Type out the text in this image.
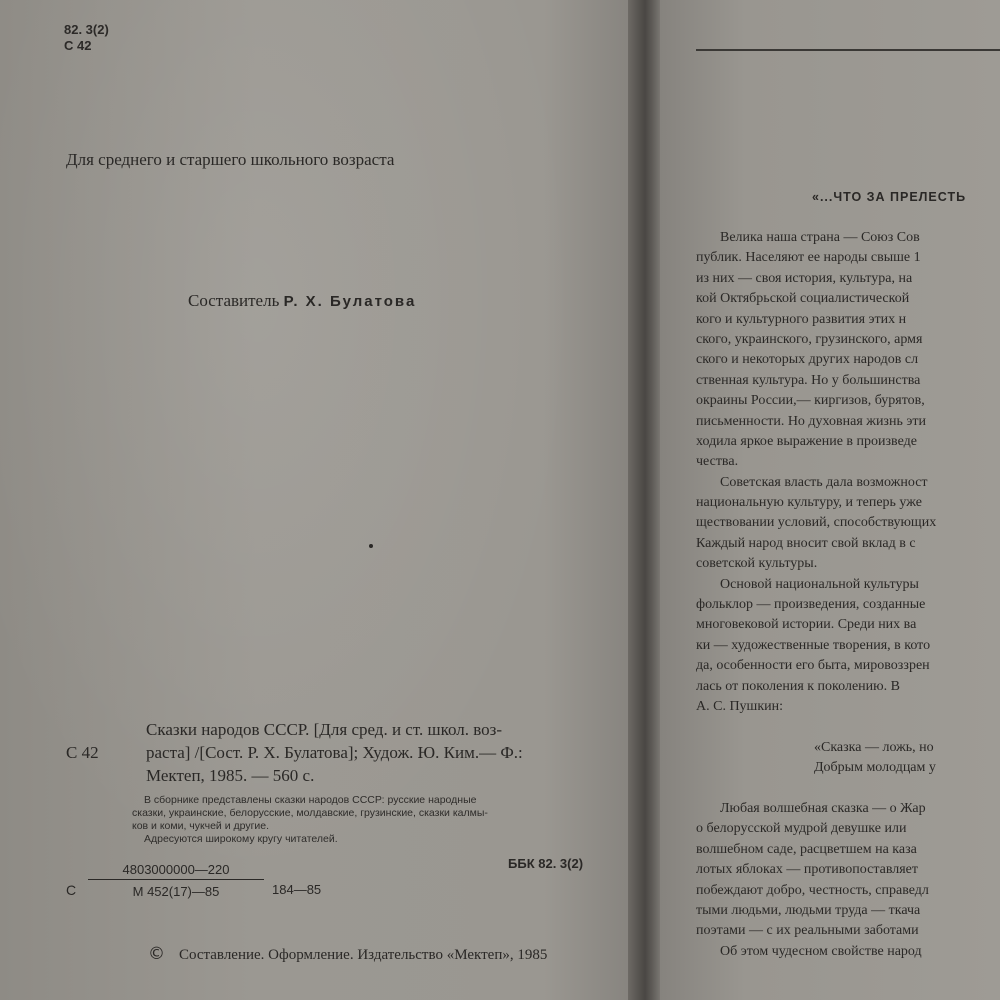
82. 3(2)
С 42
Для среднего и старшего школьного возраста
Составитель Р. Х. Булатова
Сказки народов СССР. [Для сред. и ст. школ. воз-
С 42	раста] /[Сост. Р. Х. Булатова]; Худож. Ю. Ким.— Ф.:
Мектеп, 1985. — 560 с.
В сборнике представлены сказки народов СССР: русские народные
сказки, украинские, белорусские, молдавские, грузинские, сказки калмы-
ков и коми, чукчей и другие.
Адресуются широкому кругу читателей.
ББК 82. 3(2)
С
4803000000—220
М 452(17)—85	184—85
© Составление. Оформление. Издательство «Мектеп», 1985
«...ЧТО ЗА ПРЕЛЕСТЬ
Велика наша страна — Союз Сов
публик. Населяют ее народы свыше 1
из них — своя история, культура, на
кой Октябрьской социалистической
кого и культурного развития этих н
ского, украинского, грузинского, армя
ского и некоторых других народов сл
ственная культура. Но у большинства
окраины России,— киргизов, бурятов,
письменности. Но духовная жизнь эти
ходила яркое выражение в произведе
чества.
Советская власть дала возможност
национальную культуру, и теперь уже
ществовании условий, способствующих
Каждый народ вносит свой вклад в с
советской культуры.
Основой национальной культуры
фольклор — произведения, созданные
многовековой истории. Среди них ва
ки — художественные творения, в кото
да, особенности его быта, мировоззрен
лась от поколения к поколению. В
А. С. Пушкин:
«Сказка — ложь, но
Добрым молодцам у
Любая волшебная сказка — о Жар
о белорусской мудрой девушке или
волшебном саде, расцветшем на каза
лотых яблоках — противопоставляет
побеждают добро, честность, справедл
тыми людьми, людьми труда — ткача
поэтами — с их реальными заботами
Об этом чудесном свойстве народ
